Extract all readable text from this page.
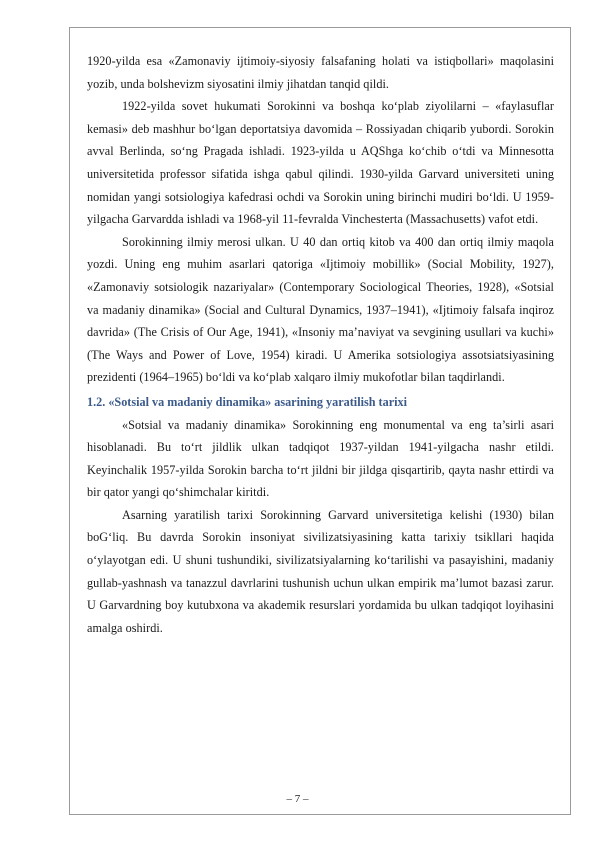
1920-yilda esa «Zamonaviy ijtimoiy-siyosiy falsafaning holati va istiqbollari» maqolasini yozib, unda bolshevizm siyosatini ilmiy jihatdan tanqid qildi.

1922-yilda sovet hukumati Sorokinni va boshqa ko‘plab ziyolilarni – «faylasuflar kemasi» deb mashhur bo‘lgan deportatsiya davomida – Rossiyadan chiqarib yubordi. Sorokin avval Berlinda, so‘ng Pragada ishladi. 1923-yilda u AQShga ko‘chib o‘tdi va Minnesotta universitetida professor sifatida ishga qabul qilindi. 1930-yilda Garvard universiteti uning nomidan yangi sotsiologiya kafedrasi ochdi va Sorokin uning birinchi mudiri bo‘ldi. U 1959-yilgacha Garvardda ishladi va 1968-yil 11-fevralda Vinchesterta (Massachusetts) vafot etdi.

Sorokinning ilmiy merosi ulkan. U 40 dan ortiq kitob va 400 dan ortiq ilmiy maqola yozdi. Uning eng muhim asarlari qatoriga «Ijtimoiy mobillik» (Social Mobility, 1927), «Zamonaviy sotsiologik nazariyalar» (Contemporary Sociological Theories, 1928), «Sotsial va madaniy dinamika» (Social and Cultural Dynamics, 1937–1941), «Ijtimoiy falsafa inqiroz davrida» (The Crisis of Our Age, 1941), «Insoniy ma’naviyat va sevgining usullari va kuchi» (The Ways and Power of Love, 1954) kiradi. U Amerika sotsiologiya assotsiatsiyasining prezidenti (1964–1965) bo‘ldi va ko‘plab xalqaro ilmiy mukofotlar bilan taqdirlandi.

1.2. «Sotsial va madaniy dinamika» asarining yaratilish tarixi

«Sotsial va madaniy dinamika» Sorokinning eng monumental va eng ta’sirli asari hisoblanadi. Bu to‘rt jildlik ulkan tadqiqot 1937-yildan 1941-yilgacha nashr etildi. Keyinchalik 1957-yilda Sorokin barcha to‘rt jildni bir jildga qisqartirib, qayta nashr ettirdi va bir qator yangi qo‘shimchalar kiritdi.

Asarning yaratilish tarixi Sorokinning Garvard universitetiga kelishi (1930) bilan boG‘liq. Bu davrda Sorokin insoniyat sivilizatsiyasining katta tarixiy tsikllari haqida o‘ylayotgan edi. U shuni tushundiki, sivilizatsiyalarning ko‘tarilishi va pasayishini, madaniy gullab-yashnash va tanazzul davrlarini tushunish uchun ulkan empirik ma’lumot bazasi zarur. U Garvardning boy kutubxona va akademik resurslari yordamida bu ulkan tadqiqot loyihasini amalga oshirdi.

– 7 –
